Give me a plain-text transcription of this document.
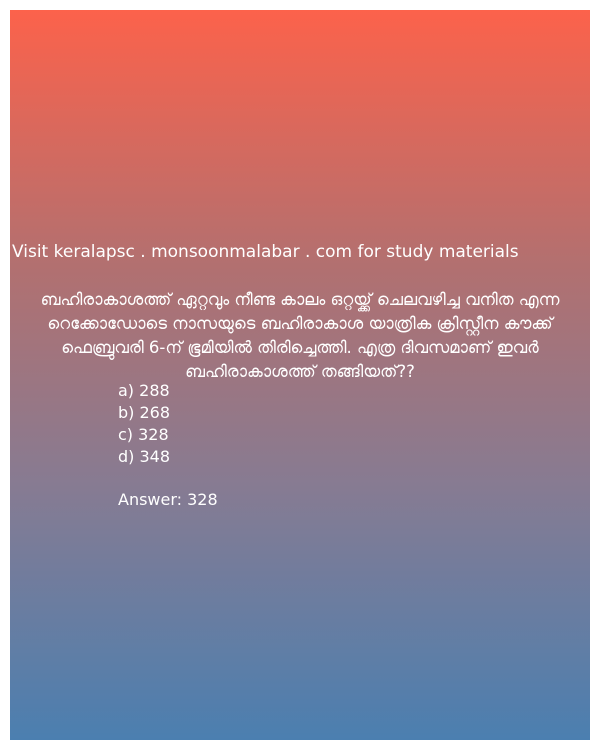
Visit keralapsc . monsoonmalabar . com for study materials
ബഹിരാകാശത്ത് ഏറ്റവും നീണ്ട കാലം ഒറ്റയ്ക്ക് ചെലവഴിച്ച വനിത എന്ന റെക്കോഡോടെ നാസയുടെ ബഹിരാകാശ യാത്രിക ക്രിസ്റ്റീന കൗക്ക് ഫെബ്രുവരി 6-ന് ഭൂമിയിൽ തിരിച്ചെത്തി. എത്ര ദിവസമാണ് ഇവർ ബഹിരാകാശത്ത് തങ്ങിയത്??
a) 288
b) 268
c) 328
d) 348
Answer: 328
